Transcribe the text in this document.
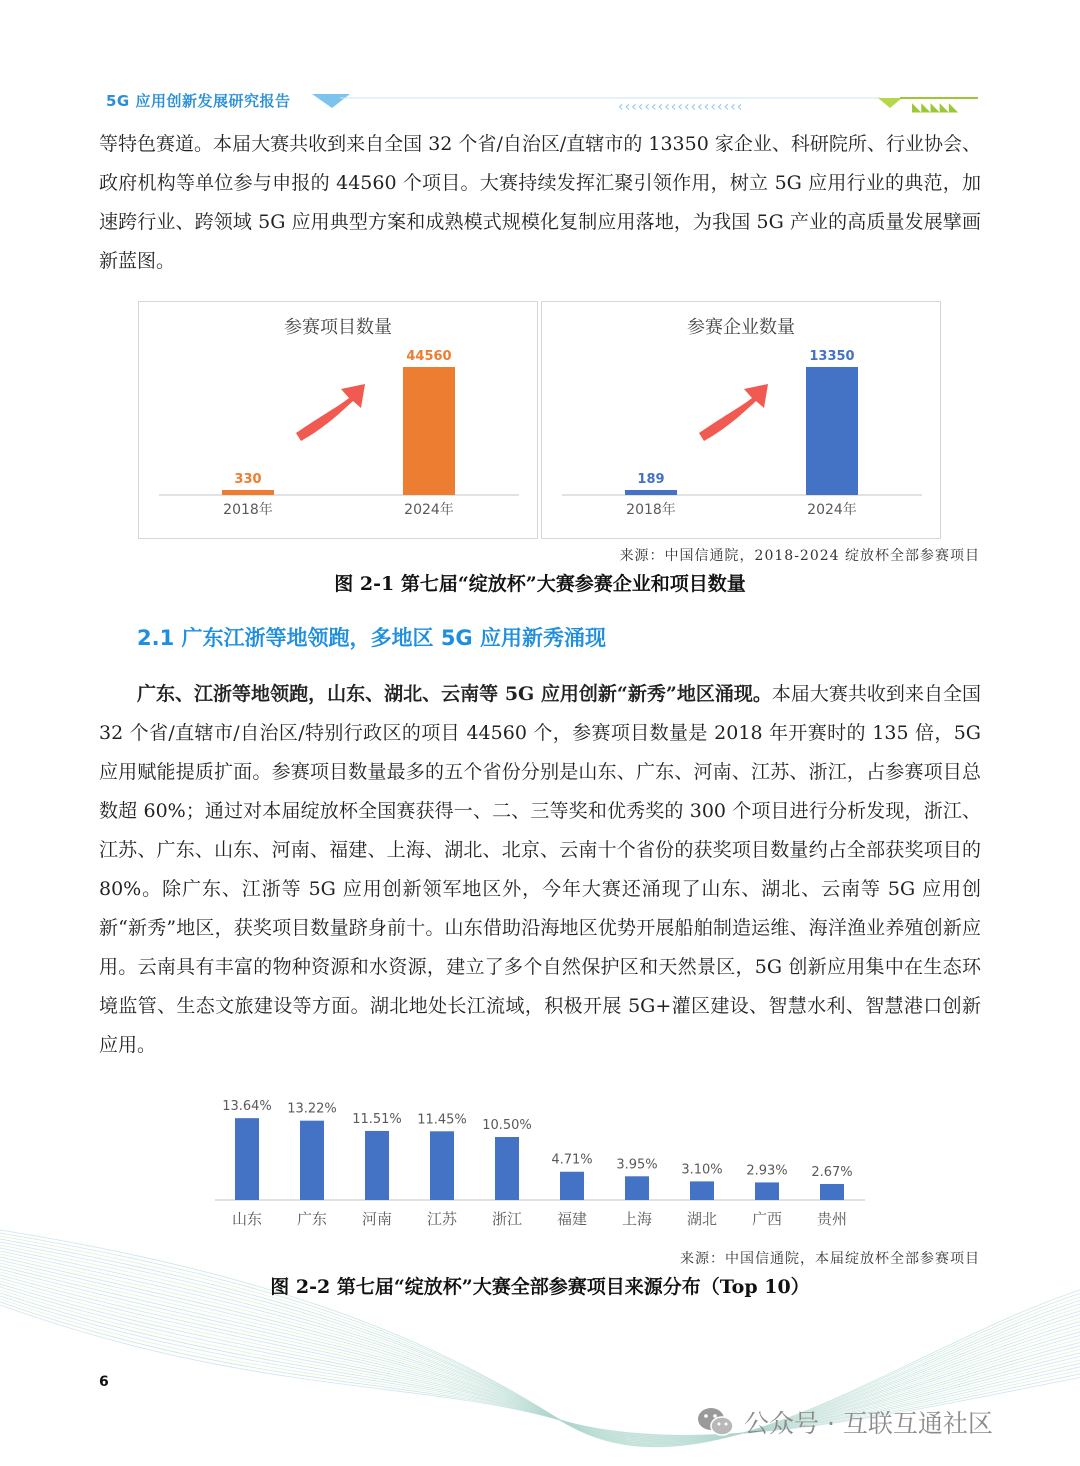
‹‹‹‹‹‹‹‹‹‹‹‹‹‹‹‹‹‹‹	◣◣◣◣◣
5G 应用创新发展研究报告

等特色赛道。本届大赛共收到来自全国 32 个省/自治区/直辖市的 13350 家企业、科研院所、行业协会、政府机构等单位参与申报的 44560 个项目。大赛持续发挥汇聚引领作用，树立 5G 应用行业的典范，加速跨行业、跨领域 5G 应用典型方案和成熟模式规模化复制应用落地，为我国 5G 产业的高质量发展擘画新蓝图。

参赛项目数量
330
2018年
44560
2024年
参赛企业数量
189
2018年
13350
2024年
来源：中国信通院，2018-2024 绽放杯全部参赛项目
图 2-1 第七届“绽放杯”大赛参赛企业和项目数量
2.1 广东江浙等地领跑，多地区 5G 应用新秀涌现

广东、江浙等地领跑，山东、湖北、云南等 5G 应用创新“新秀”地区涌现。本届大赛共收到来自全国 32 个省/直辖市/自治区/特别行政区的项目 44560 个，参赛项目数量是 2018 年开赛时的 135 倍，5G 应用赋能提质扩面。参赛项目数量最多的五个省份分别是山东、广东、河南、江苏、浙江，占参赛项目总数超 60%；通过对本届绽放杯全国赛获得一、二、三等奖和优秀奖的 300 个项目进行分析发现，浙江、江苏、广东、山东、河南、福建、上海、湖北、北京、云南十个省份的获奖项目数量约占全部获奖项目的 80%。除广东、江浙等 5G 应用创新领军地区外，今年大赛还涌现了山东、湖北、云南等 5G 应用创新“新秀”地区，获奖项目数量跻身前十。山东借助沿海地区优势开展船舶制造运维、海洋渔业养殖创新应用。云南具有丰富的物种资源和水资源，建立了多个自然保护区和天然景区，5G 创新应用集中在生态环境监管、生态文旅建设等方面。湖北地处长江流域，积极开展 5G+灌区建设、智慧水利、智慧港口创新应用。

13.64%
山东
13.22%
广东
11.51%
河南
11.45%
江苏
10.50%
浙江
4.71%
福建
3.95%
上海
3.10%
湖北
2.93%
广西
2.67%
贵州
来源：中国信通院，本届绽放杯全部参赛项目
图 2-2 第七届“绽放杯”大赛全部参赛项目来源分布（Top 10）
6
公众号 · 互联互通社区
